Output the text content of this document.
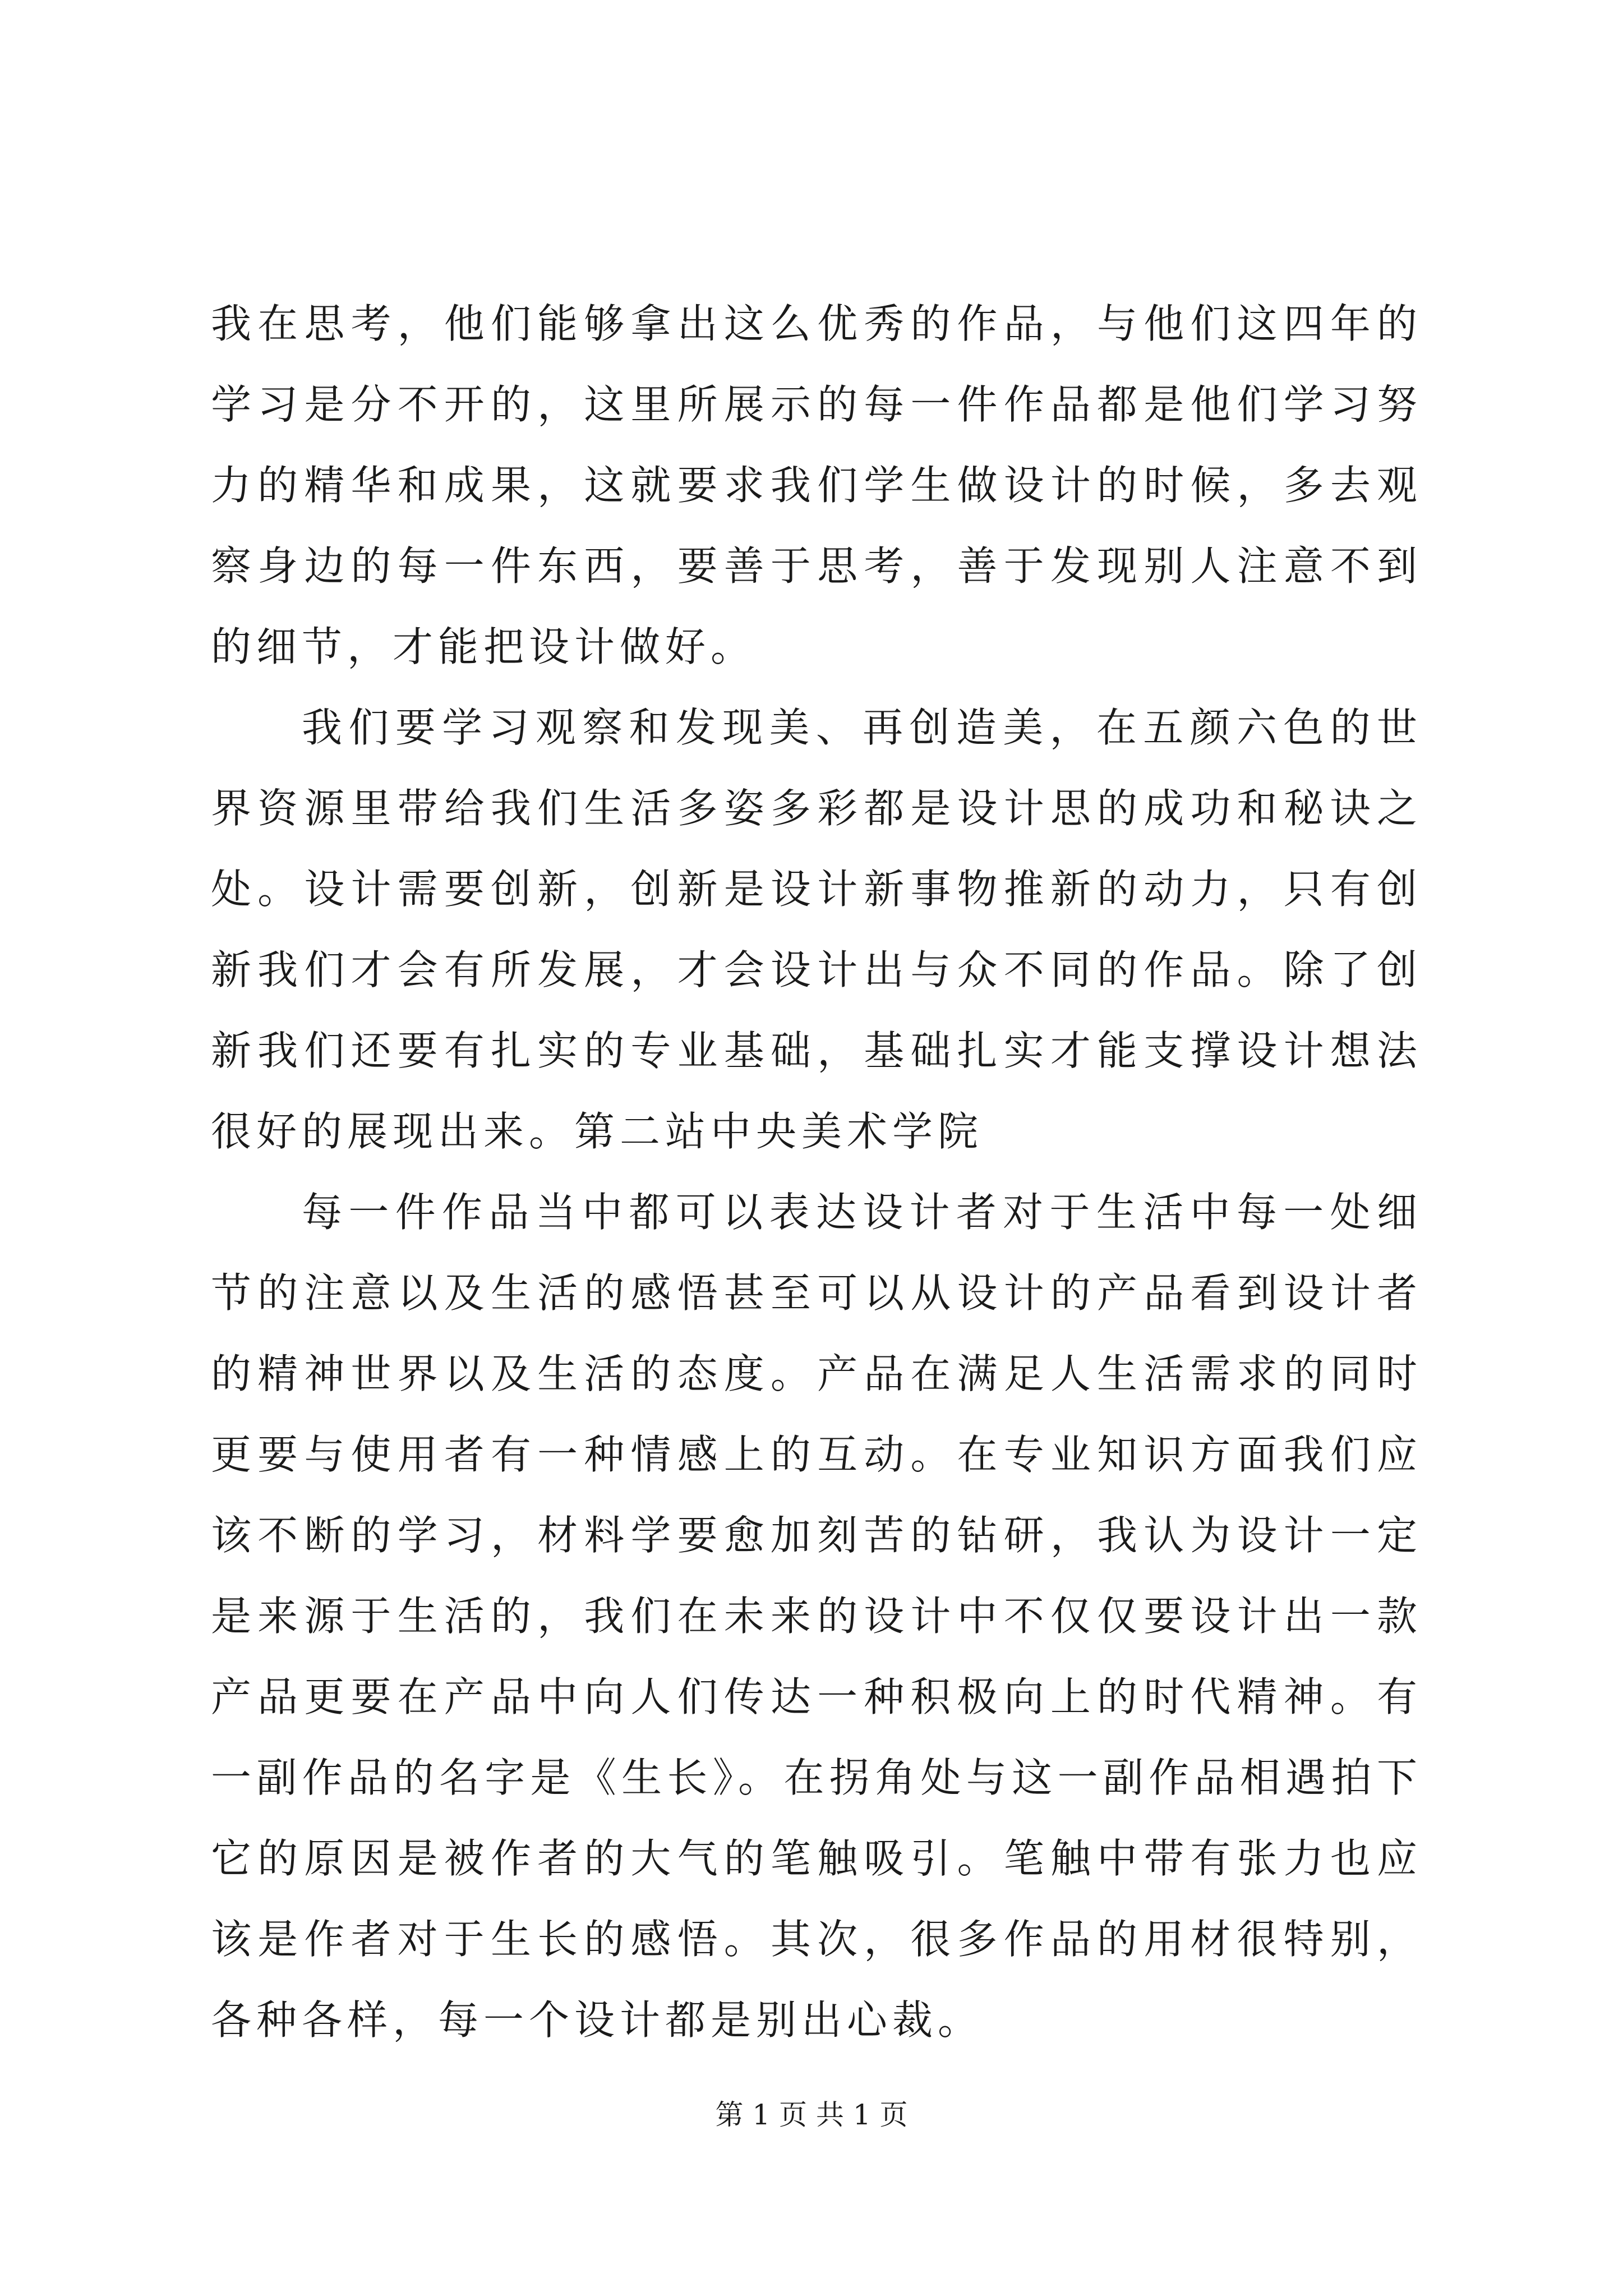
我在思考，他们能够拿出这么优秀的作品，与他们这四年的学习是分不开的，这里所展示的每一件作品都是他们学习努力的精华和成果，这就要求我们学生做设计的时候，多去观察身边的每一件东西，要善于思考，善于发现别人注意不到的细节，才能把设计做好。

我们要学习观察和发现美、再创造美，在五颜六色的世界资源里带给我们生活多姿多彩都是设计思的成功和秘诀之处。设计需要创新，创新是设计新事物推新的动力，只有创新我们才会有所发展，才会设计出与众不同的作品。除了创新我们还要有扎实的专业基础，基础扎实才能支撑设计想法很好的展现出来。第二站中央美术学院

每一件作品当中都可以表达设计者对于生活中每一处细节的注意以及生活的感悟甚至可以从设计的产品看到设计者的精神世界以及生活的态度。产品在满足人生活需求的同时更要与使用者有一种情感上的互动。在专业知识方面我们应该不断的学习，材料学要愈加刻苦的钻研，我认为设计一定是来源于生活的，我们在未来的设计中不仅仅要设计出一款产品更要在产品中向人们传达一种积极向上的时代精神。有一副作品的名字是《生长》。在拐角处与这一副作品相遇拍下它的原因是被作者的大气的笔触吸引。笔触中带有张力也应该是作者对于生长的感悟。其次，很多作品的用材很特别，各种各样，每一个设计都是别出心裁。

第 1 页 共 1 页
